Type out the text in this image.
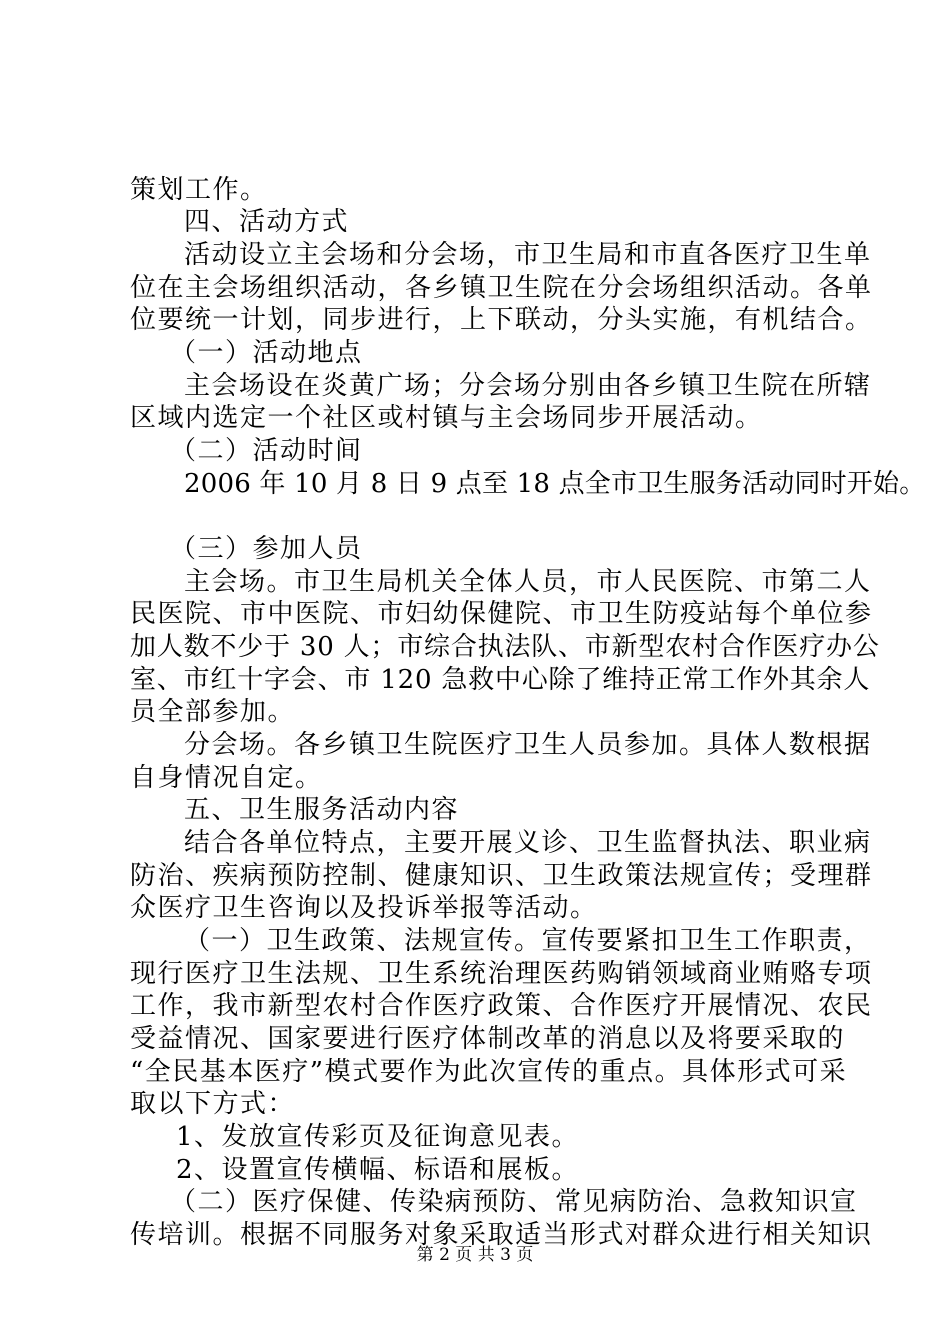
策划工作。
四、活动方式
活动设立主会场和分会场，市卫生局和市直各医疗卫生单
位在主会场组织活动，各乡镇卫生院在分会场组织活动。各单
位要统一计划，同步进行，上下联动，分头实施，有机结合。
（一）活动地点
主会场设在炎黄广场；分会场分别由各乡镇卫生院在所辖
区域内选定一个社区或村镇与主会场同步开展活动。
（二）活动时间
2006 年 10 月 8 日 9 点至 18 点全市卫生服务活动同时开始。
（三）参加人员
主会场。市卫生局机关全体人员，市人民医院、市第二人
民医院、市中医院、市妇幼保健院、市卫生防疫站每个单位参
加人数不少于 30 人；市综合执法队、市新型农村合作医疗办公
室、市红十字会、市 120 急救中心除了维持正常工作外其余人
员全部参加。
分会场。各乡镇卫生院医疗卫生人员参加。具体人数根据
自身情况自定。
五、卫生服务活动内容
结合各单位特点，主要开展义诊、卫生监督执法、职业病
防治、疾病预防控制、健康知识、卫生政策法规宣传；受理群
众医疗卫生咨询以及投诉举报等活动。
（一）卫生政策、法规宣传。宣传要紧扣卫生工作职责，
现行医疗卫生法规、卫生系统治理医药购销领域商业贿赂专项
工作，我市新型农村合作医疗政策、合作医疗开展情况、农民
受益情况、国家要进行医疗体制改革的消息以及将要采取的
“全民基本医疗”模式要作为此次宣传的重点。具体形式可采
取以下方式：
1、发放宣传彩页及征询意见表。
2、设置宣传横幅、标语和展板。
（二）医疗保健、传染病预防、常见病防治、急救知识宣
传培训。根据不同服务对象采取适当形式对群众进行相关知识
第 2 页 共 3 页
